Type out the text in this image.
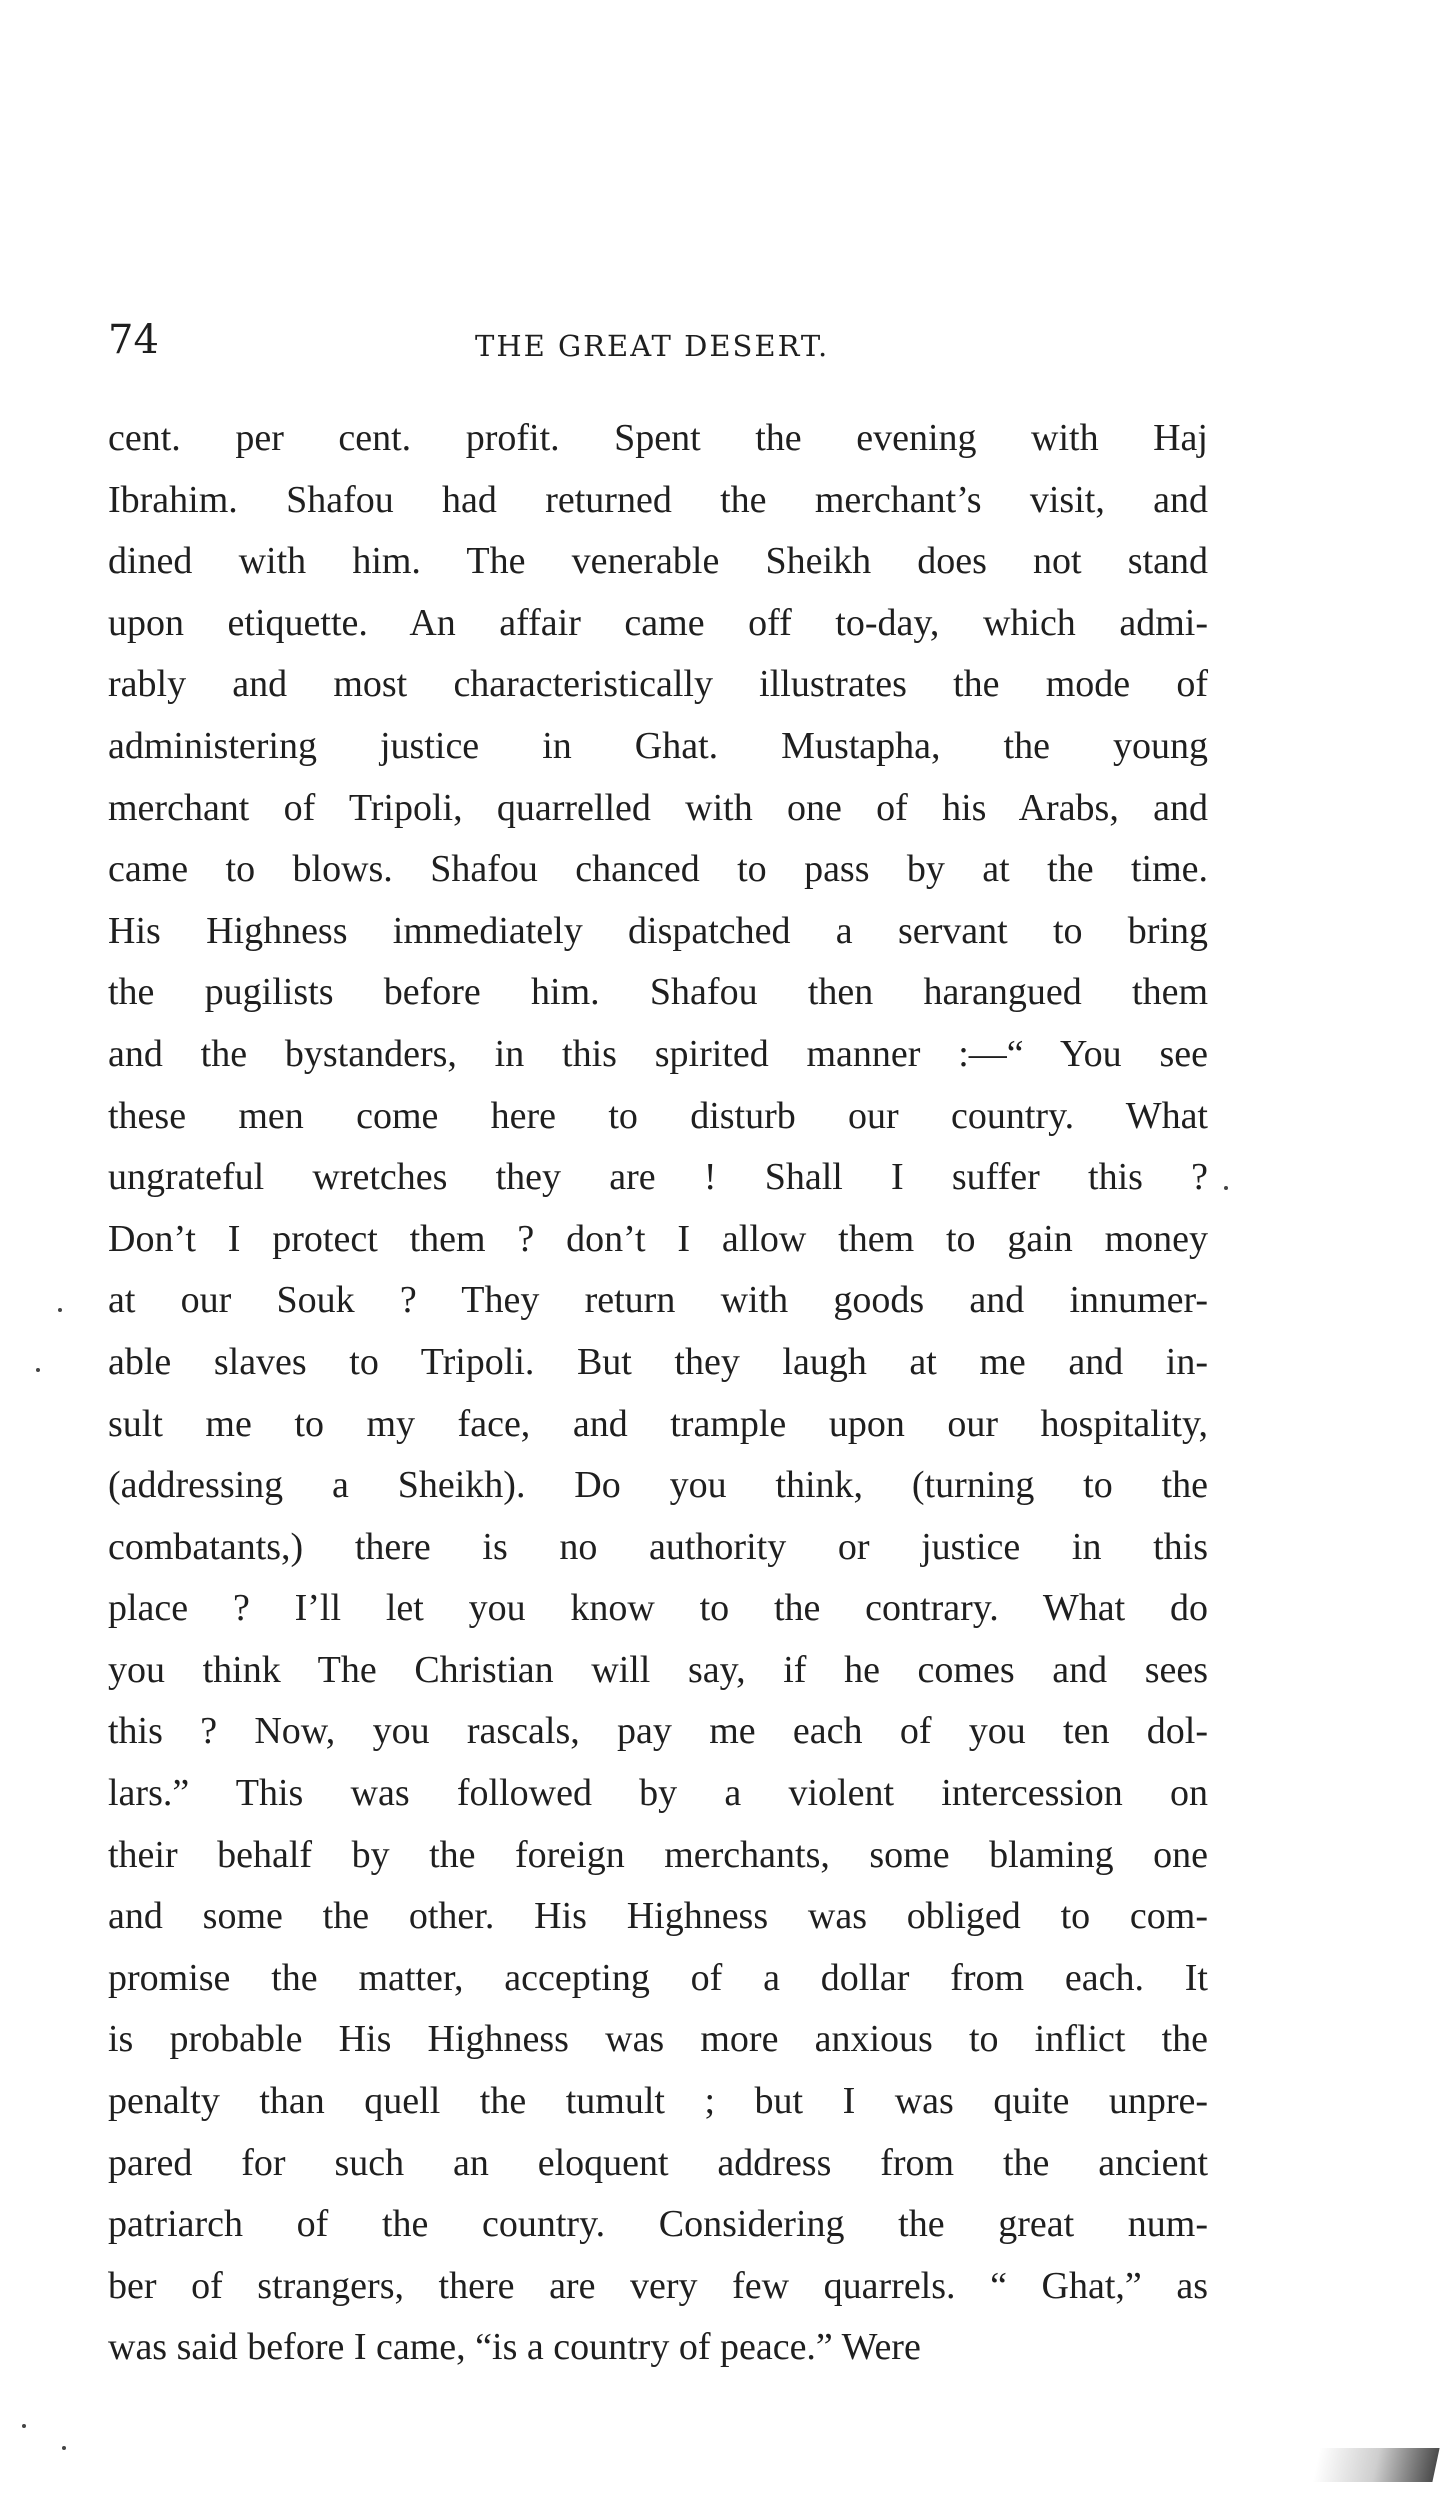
74	THE GREAT DESERT.
cent. per cent. profit. Spent the evening with Haj
Ibrahim. Shafou had returned the merchant’s visit, and
dined with him. The venerable Sheikh does not stand
upon etiquette. An affair came off to-day, which admi-
rably and most characteristically illustrates the mode of
administering justice in Ghat. Mustapha, the young
merchant of Tripoli, quarrelled with one of his Arabs, and
came to blows. Shafou chanced to pass by at the time.
His Highness immediately dispatched a servant to bring
the pugilists before him. Shafou then harangued them
and the bystanders, in this spirited manner :—“ You see
these men come here to disturb our country. What
ungrateful wretches they are ! Shall I suffer this ?
Don’t I protect them ? don’t I allow them to gain money
at our Souk ? They return with goods and innumer-
able slaves to Tripoli. But they laugh at me and in-
sult me to my face, and trample upon our hospitality,
(addressing a Sheikh). Do you think, (turning to the
combatants,) there is no authority or justice in this
place ? I’ll let you know to the contrary. What do
you think The Christian will say, if he comes and sees
this ? Now, you rascals, pay me each of you ten dol-
lars.” This was followed by a violent intercession on
their behalf by the foreign merchants, some blaming one
and some the other. His Highness was obliged to com-
promise the matter, accepting of a dollar from each. It
is probable His Highness was more anxious to inflict the
penalty than quell the tumult ; but I was quite unpre-
pared for such an eloquent address from the ancient
patriarch of the country. Considering the great num-
ber of strangers, there are very few quarrels. “ Ghat,” as
was said before I came, “is a country of peace.” Were
